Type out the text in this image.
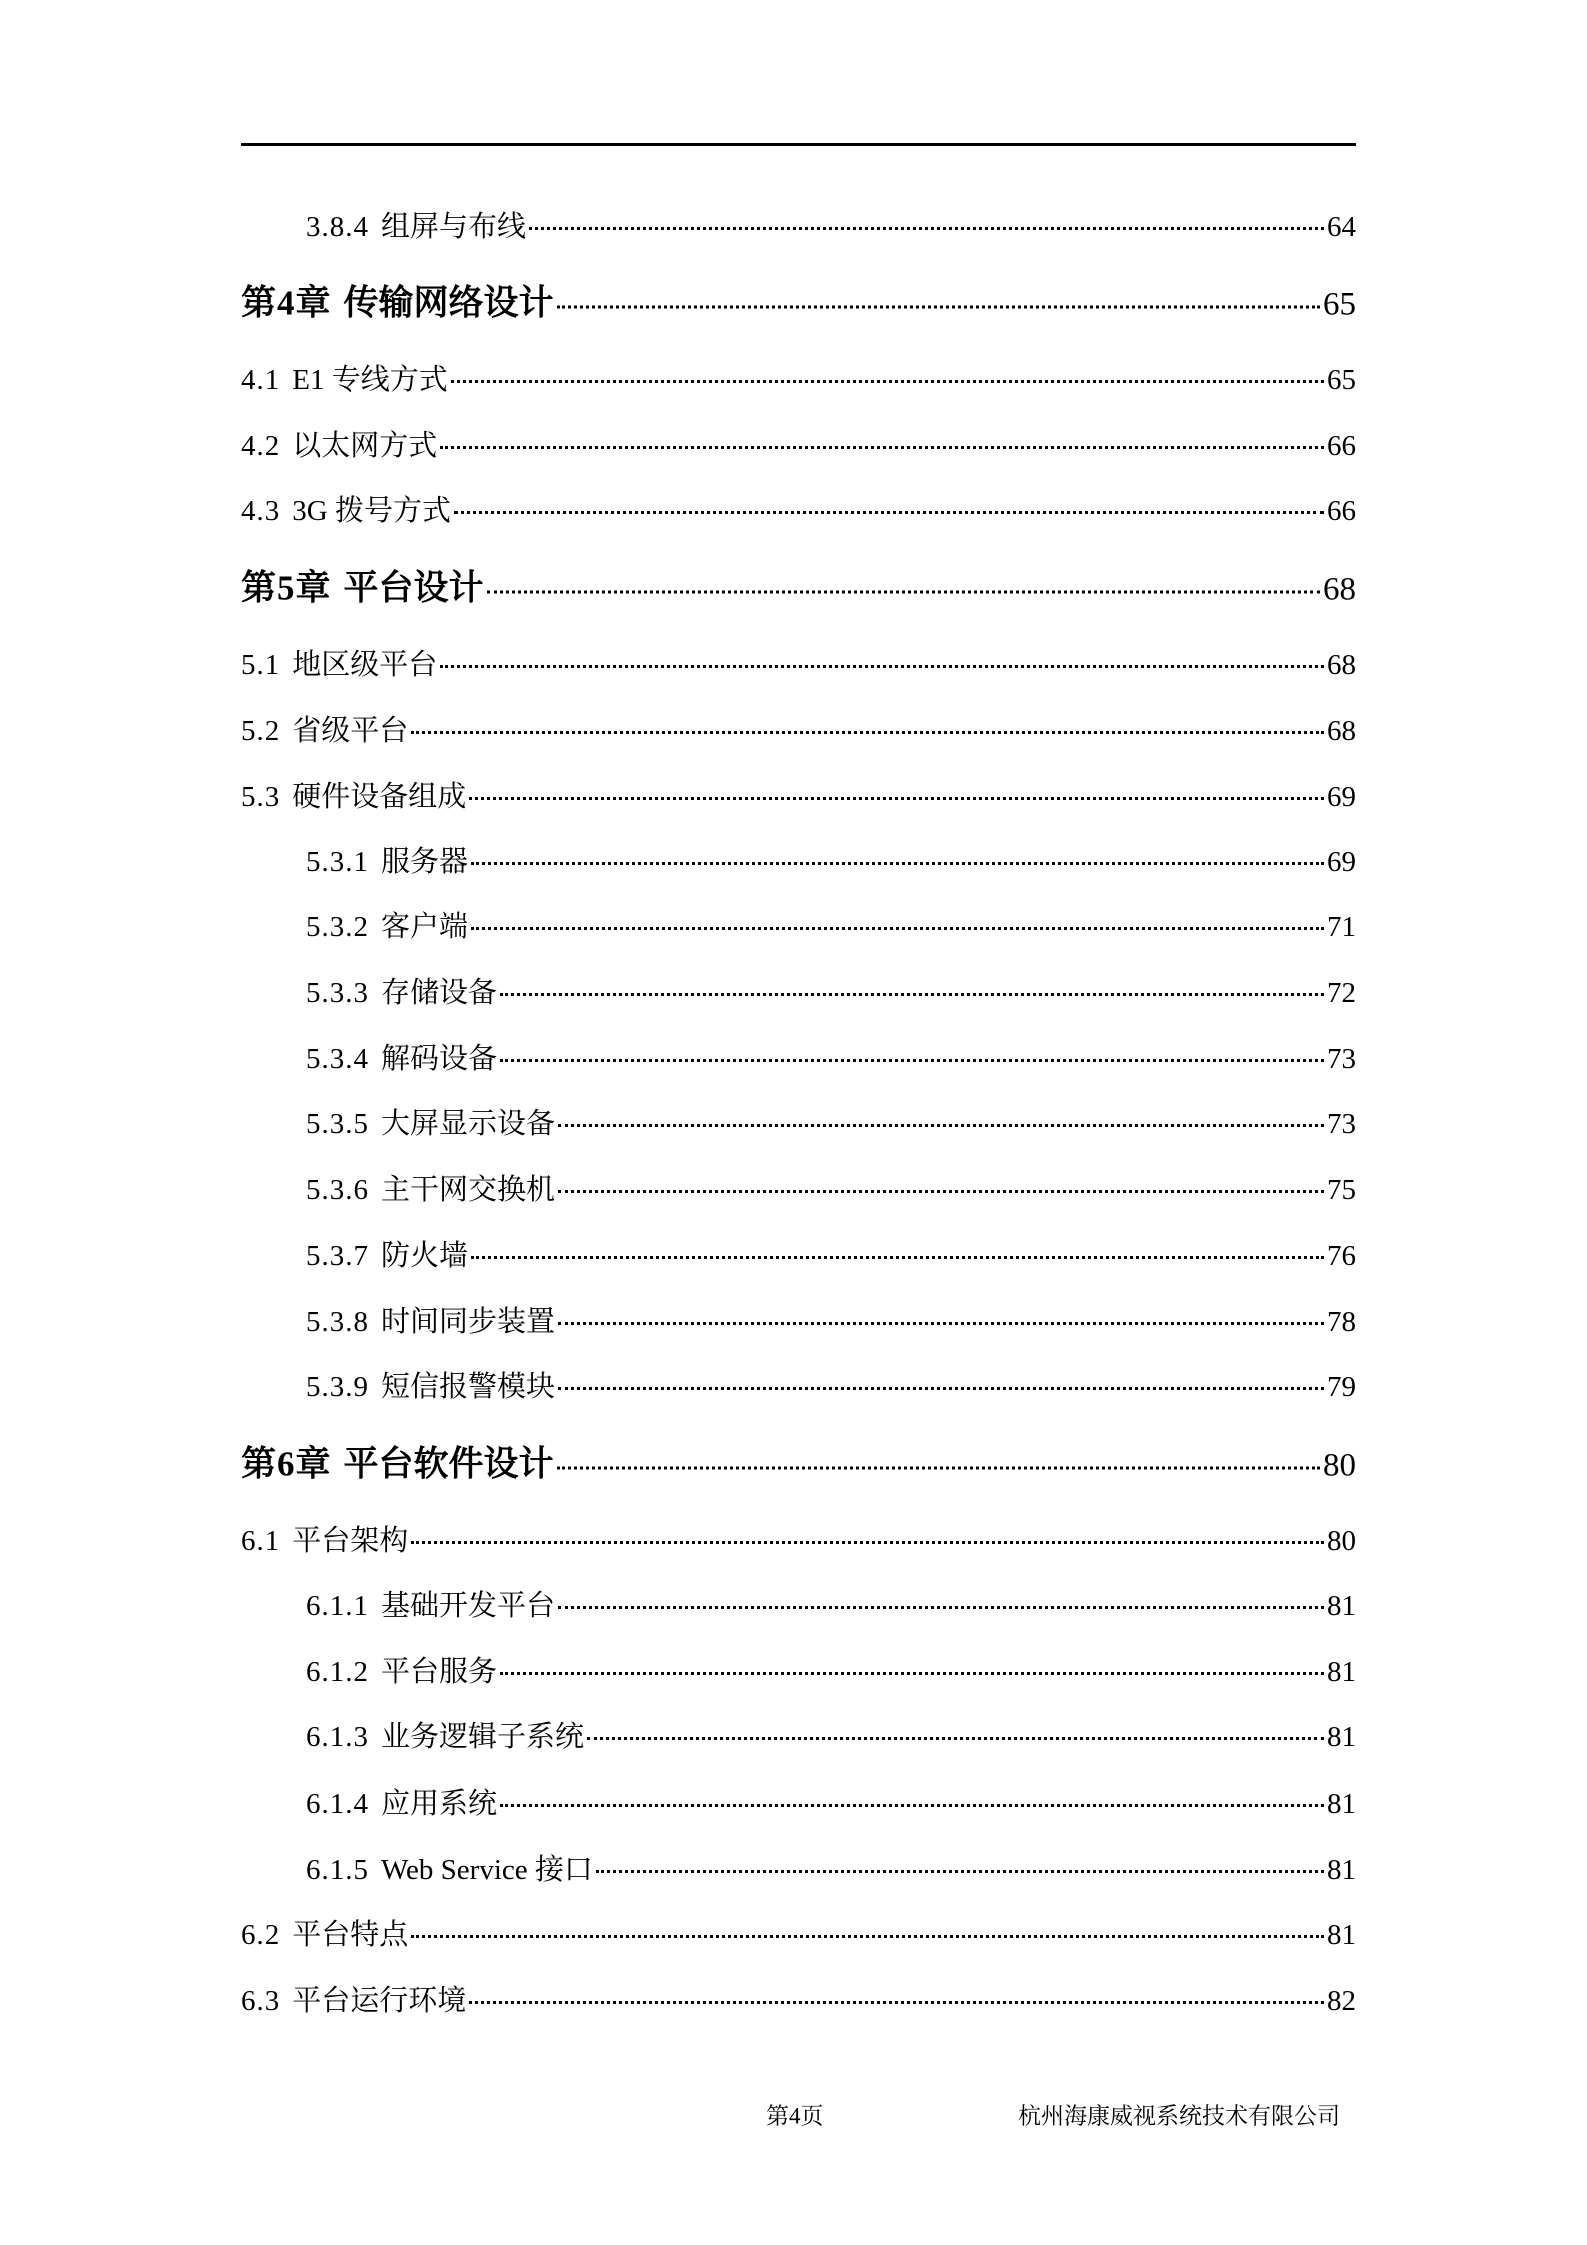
3.8.4 组屏与布线	64
第4章 传输网络设计	65
4.1 E1 专线方式	65
4.2 以太网方式	66
4.3 3G 拨号方式	66
第5章 平台设计	68
5.1 地区级平台	68
5.2 省级平台	68
5.3 硬件设备组成	69
5.3.1 服务器	69
5.3.2 客户端	71
5.3.3 存储设备	72
5.3.4 解码设备	73
5.3.5 大屏显示设备	73
5.3.6 主干网交换机	75
5.3.7 防火墙	76
5.3.8 时间同步装置	78
5.3.9 短信报警模块	79
第6章 平台软件设计	80
6.1 平台架构	80
6.1.1 基础开发平台	81
6.1.2 平台服务	81
6.1.3 业务逻辑子系统	81
6.1.4 应用系统	81
6.1.5 Web Service 接口	81
6.2 平台特点	81
6.3 平台运行环境	82
第4页	杭州海康威视系统技术有限公司
